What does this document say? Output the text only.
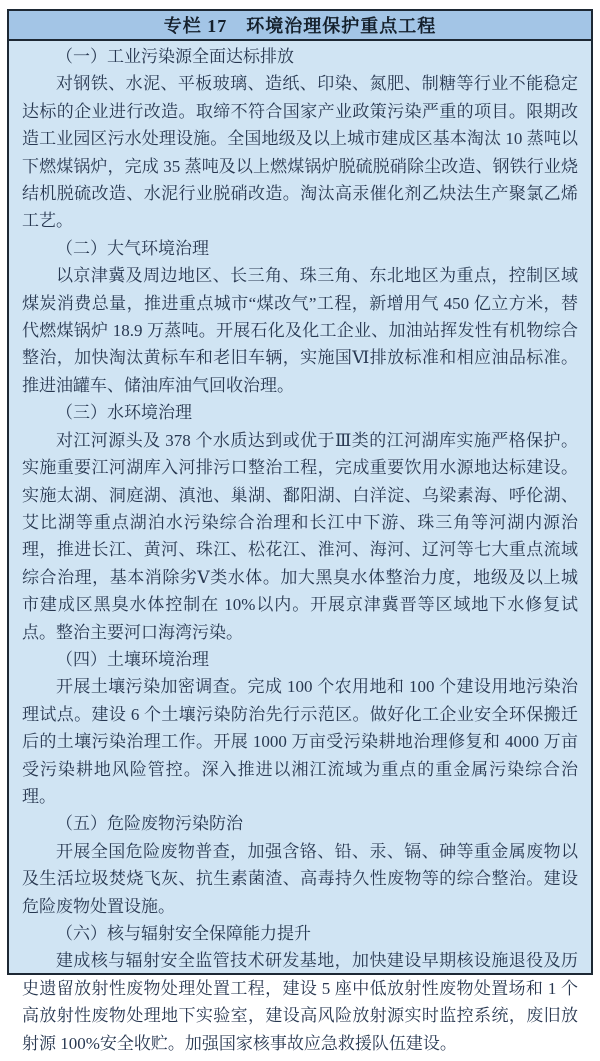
专栏 17　环境治理保护重点工程
（一）工业污染源全面达标排放
对钢铁、水泥、平板玻璃、造纸、印染、氮肥、制糖等行业不能稳定达标的企业进行改造。取缔不符合国家产业政策污染严重的项目。限期改造工业园区污水处理设施。全国地级及以上城市建成区基本淘汰 10 蒸吨以下燃煤锅炉，完成 35 蒸吨及以上燃煤锅炉脱硫脱硝除尘改造、钢铁行业烧结机脱硫改造、水泥行业脱硝改造。淘汰高汞催化剂乙炔法生产聚氯乙烯工艺。
（二）大气环境治理
以京津冀及周边地区、长三角、珠三角、东北地区为重点，控制区域煤炭消费总量，推进重点城市“煤改气”工程，新增用气 450 亿立方米，替代燃煤锅炉 18.9 万蒸吨。开展石化及化工企业、加油站挥发性有机物综合整治，加快淘汰黄标车和老旧车辆，实施国Ⅵ排放标准和相应油品标准。推进油罐车、储油库油气回收治理。
（三）水环境治理
对江河源头及 378 个水质达到或优于Ⅲ类的江河湖库实施严格保护。实施重要江河湖库入河排污口整治工程，完成重要饮用水源地达标建设。实施太湖、洞庭湖、滇池、巢湖、鄱阳湖、白洋淀、乌梁素海、呼伦湖、艾比湖等重点湖泊水污染综合治理和长江中下游、珠三角等河湖内源治理，推进长江、黄河、珠江、松花江、淮河、海河、辽河等七大重点流域综合治理，基本消除劣Ⅴ类水体。加大黑臭水体整治力度，地级及以上城市建成区黑臭水体控制在 10%以内。开展京津冀晋等区域地下水修复试点。整治主要河口海湾污染。
（四）土壤环境治理
开展土壤污染加密调查。完成 100 个农用地和 100 个建设用地污染治理试点。建设 6 个土壤污染防治先行示范区。做好化工企业安全环保搬迁后的土壤污染治理工作。开展 1000 万亩受污染耕地治理修复和 4000 万亩受污染耕地风险管控。深入推进以湘江流域为重点的重金属污染综合治理。
（五）危险废物污染防治
开展全国危险废物普查，加强含铬、铅、汞、镉、砷等重金属废物以及生活垃圾焚烧飞灰、抗生素菌渣、高毒持久性废物等的综合整治。建设危险废物处置设施。
（六）核与辐射安全保障能力提升
建成核与辐射安全监管技术研发基地，加快建设早期核设施退役及历史遗留放射性废物处理处置工程，建设 5 座中低放射性废物处置场和 1 个高放射性废物处理地下实验室，建设高风险放射源实时监控系统，废旧放射源 100%安全收贮。加强国家核事故应急救援队伍建设。
